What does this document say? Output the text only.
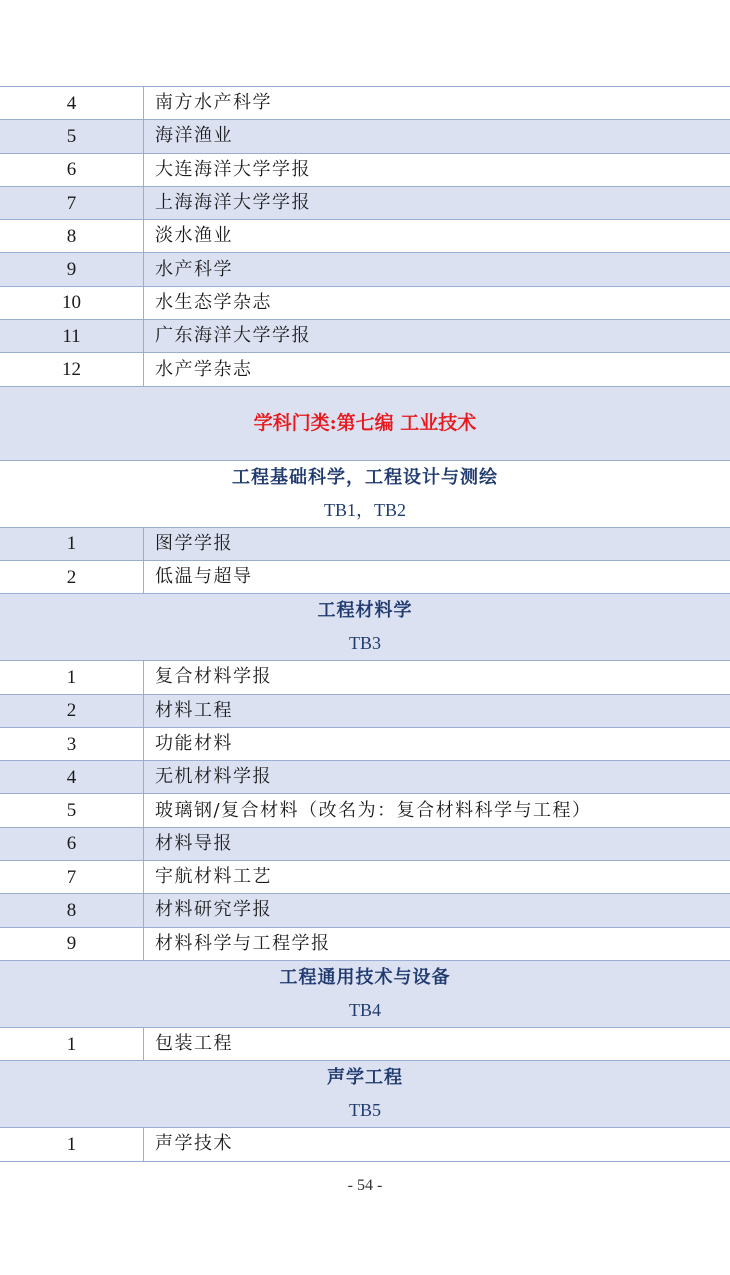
4	南方水产科学
5	海洋渔业
6	大连海洋大学学报
7	上海海洋大学学报
8	淡水渔业
9	水产科学
10	水生态学杂志
11	广东海洋大学学报
12	水产学杂志
学科门类:第七编 工业技术	

工程基础科学，工程设计与测绘
TB1，TB2	

1	图学学报
2	低温与超导

工程材料学
TB3	

1	复合材料学报
2	材料工程
3	功能材料
4	无机材料学报
5	玻璃钢/复合材料（改名为：复合材料科学与工程）
6	材料导报
7	宇航材料工艺
8	材料研究学报
9	材料科学与工程学报

工程通用技术与设备
TB4	

1	包装工程

声学工程
TB5	

1	声学技术
- 54 -
